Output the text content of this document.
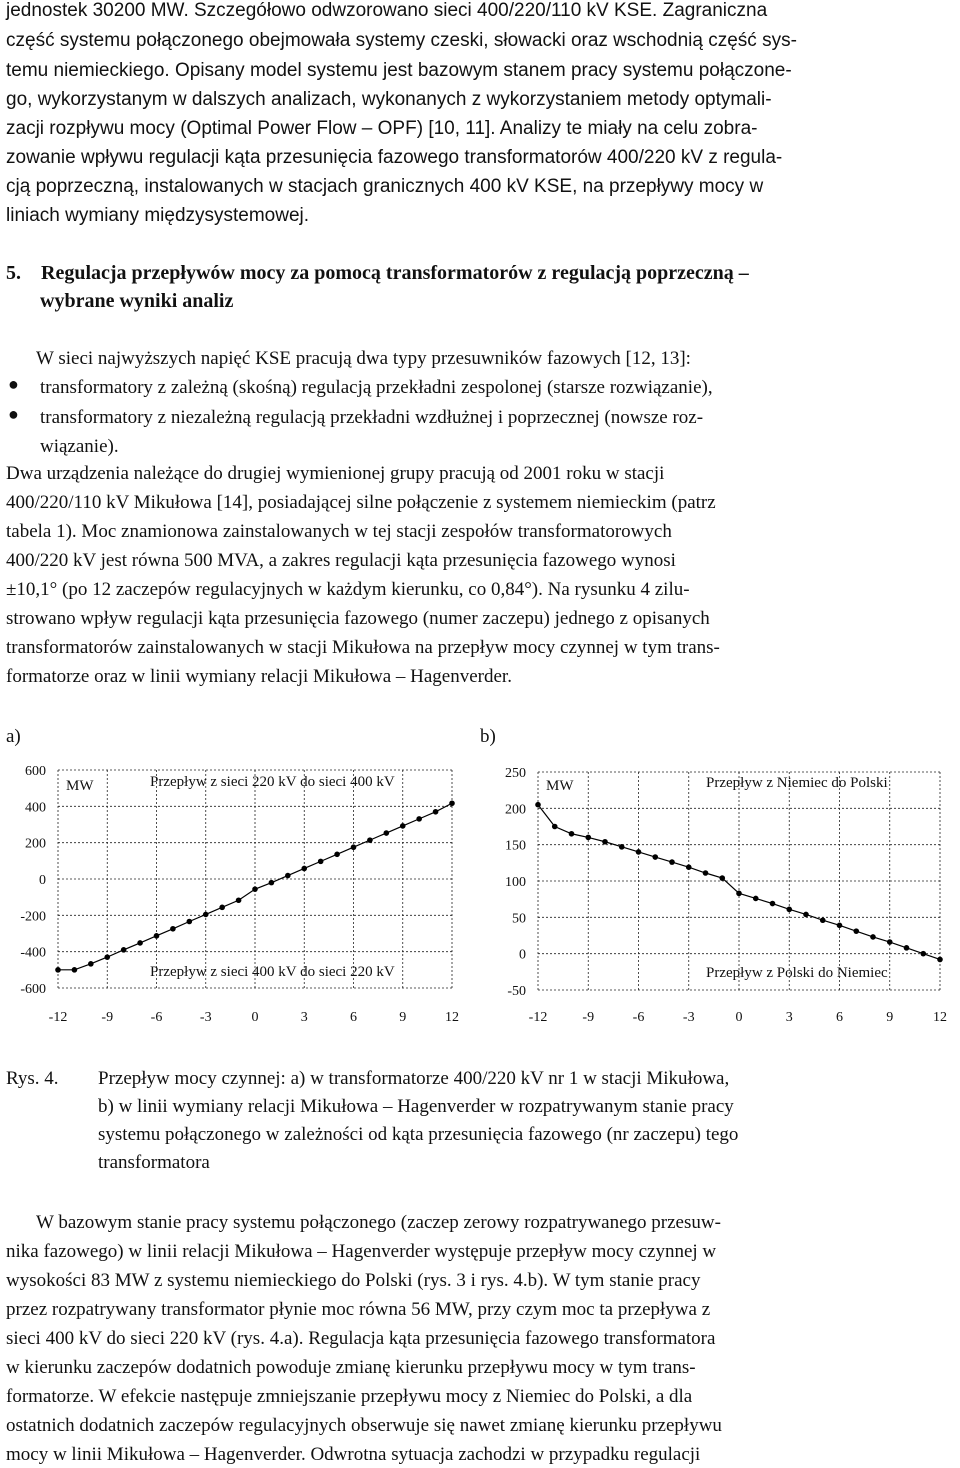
jednostek 30200 MW. Szczegółowo odwzorowano sieci 400/220/110 kV KSE. Zagraniczna
część systemu połączonego obejmowała systemy czeski, słowacki oraz wschodnią część sys-
temu niemieckiego. Opisany model systemu jest bazowym stanem pracy systemu połączone-
go, wykorzystanym w dalszych analizach, wykonanych z wykorzystaniem metody optymali-
zacji rozpływu mocy (Optimal Power Flow – OPF) [10, 11]. Analizy te miały na celu zobra-
zowanie wpływu regulacji kąta przesunięcia fazowego transformatorów 400/220 kV z regula-
cją poprzeczną, instalowanych w stacjach granicznych 400 kV KSE, na przepływy mocy w
liniach wymiany międzysystemowej.
5. Regulacja przepływów mocy za pomocą transformatorów z regulacją poprzeczną –
wybrane wyniki analiz
W sieci najwyższych napięć KSE pracują dwa typy przesuwników fazowych [12, 13]:
● transformatory z zależną (skośną) regulacją przekładni zespolonej (starsze rozwiązanie),
● transformatory z niezależną regulacją przekładni wzdłużnej i poprzecznej (nowsze roz-
wiązanie).
Dwa urządzenia należące do drugiej wymienionej grupy pracują od 2001 roku w stacji
400/220/110 kV Mikułowa [14], posiadającej silne połączenie z systemem niemieckim (patrz
tabela 1). Moc znamionowa zainstalowanych w tej stacji zespołów transformatorowych
400/220 kV jest równa 500 MVA, a zakres regulacji kąta przesunięcia fazowego wynosi
±10,1° (po 12 zaczepów regulacyjnych w każdym kierunku, co 0,84°). Na rysunku 4 zilu-
strowano wpływ regulacji kąta przesunięcia fazowego (numer zaczepu) jednego z opisanych
transformatorów zainstalowanych w stacji Mikułowa na przepływ mocy czynnej w tym trans-
formatorze oraz w linii wymiany relacji Mikułowa – Hagenverder.
a)	b)
600
400
200
0
-200
-400
-600
-12 -9	-6	-3	0	3	6	9	12
MW	Przepływ z sieci 220 kV do sieci 400 kV
Przepływ z sieci 400 kV do sieci 220 kV
250
200
150
100
50
0
-50
-12	-9	-6	-3	0	3	6	9	12
MW	Przepływ z Niemiec do Polski
Przepływ z Polski do Niemiec
Rys. 4. Przepływ mocy czynnej: a) w transformatorze 400/220 kV nr 1 w stacji Mikułowa,
b) w linii wymiany relacji Mikułowa – Hagenverder w rozpatrywanym stanie pracy
systemu połączonego w zależności od kąta przesunięcia fazowego (nr zaczepu) tego
transformatora
W bazowym stanie pracy systemu połączonego (zaczep zerowy rozpatrywanego przesuw-
nika fazowego) w linii relacji Mikułowa – Hagenverder występuje przepływ mocy czynnej w
wysokości 83 MW z systemu niemieckiego do Polski (rys. 3 i rys. 4.b). W tym stanie pracy
przez rozpatrywany transformator płynie moc równa 56 MW, przy czym moc ta przepływa z
sieci 400 kV do sieci 220 kV (rys. 4.a). Regulacja kąta przesunięcia fazowego transformatora
w kierunku zaczepów dodatnich powoduje zmianę kierunku przepływu mocy w tym trans-
formatorze. W efekcie następuje zmniejszanie przepływu mocy z Niemiec do Polski, a dla
ostatnich dodatnich zaczepów regulacyjnych obserwuje się nawet zmianę kierunku przepływu
mocy w linii Mikułowa – Hagenverder. Odwrotna sytuacja zachodzi w przypadku regulacji
